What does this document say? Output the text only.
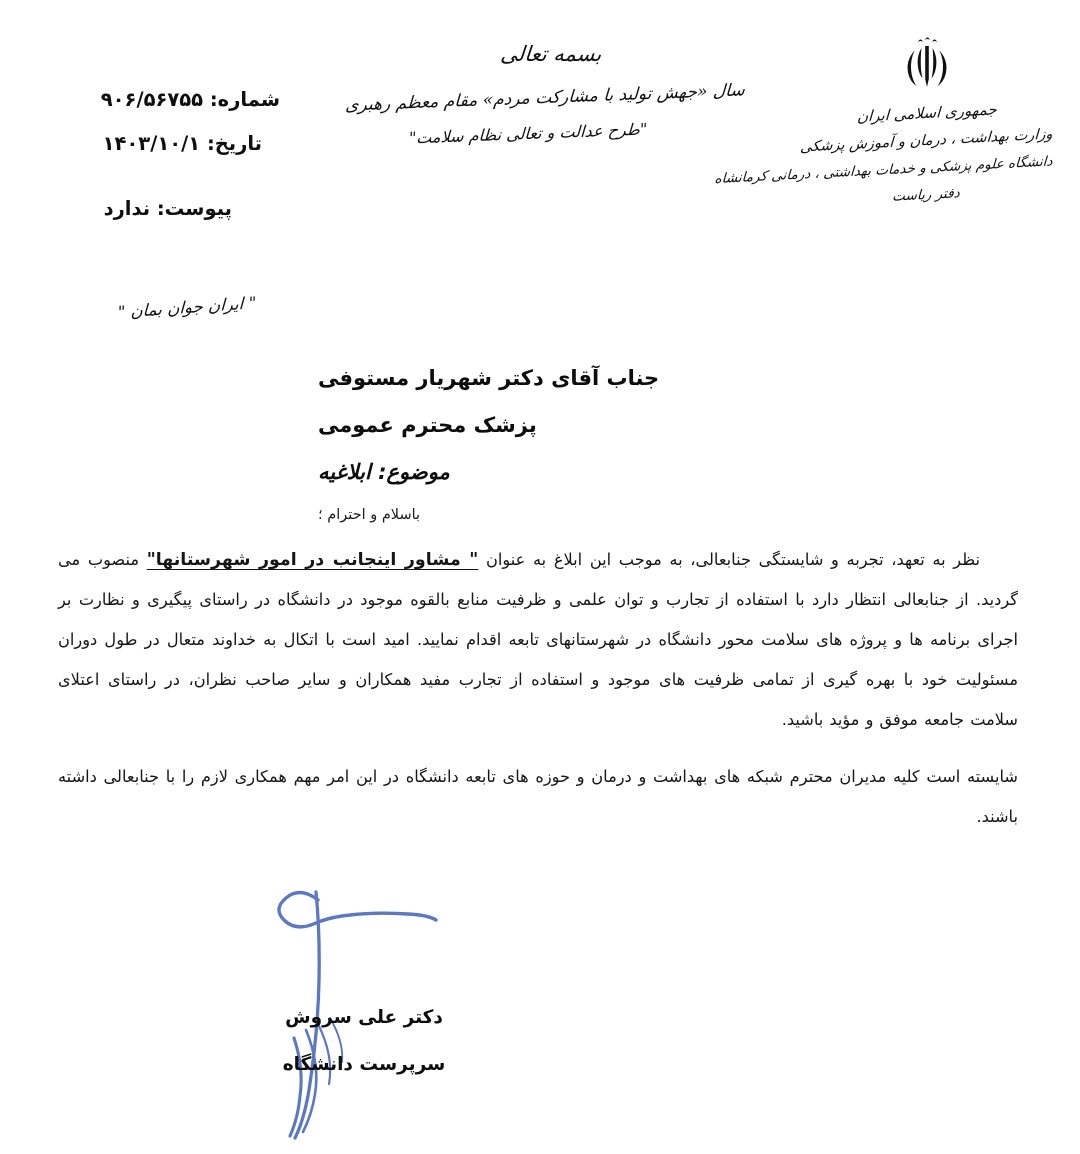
شماره: ۹۰۶/۵۶۷۵۵
تاریخ: ۱۴۰۳/۱۰/۱
پیوست: ندارد
بسمه تعالی
سال «جهش تولید با مشارکت مردم» مقام معظم رهبری
"طرح عدالت و تعالی نظام سلامت"
جمهوری اسلامی ایران
وزارت بهداشت ، درمان و آموزش پزشکی
دانشگاه علوم پزشکی و خدمات بهداشتی ، درمانی کرمانشاه
دفتر ریاست
" ایران جوان بمان "
جناب آقای دکتر شهریار مستوفی
پزشک محترم عمومی
موضوع: ابلاغیه
باسلام و احترام ؛

نظر به تعهد، تجربه و شایستگی جنابعالی، به موجب این ابلاغ به عنوان " مشاور اینجانب در امور شهرستانها" منصوب می گردید. از جنابعالی انتظار دارد با استفاده از تجارب و توان علمی و ظرفیت منابع بالقوه موجود در دانشگاه در راستای پیگیری و نظارت بر اجرای برنامه ها و پروژه های سلامت محور دانشگاه در شهرستانهای تابعه اقدام نمایید. امید است با اتکال به خداوند متعال در طول دوران مسئولیت خود با بهره گیری از تمامی ظرفیت های موجود و استفاده از تجارب مفید همکاران و سایر صاحب نظران، در راستای اعتلای سلامت جامعه موفق و مؤید باشید.

شایسته است کلیه مدیران محترم شبکه های بهداشت و درمان و حوزه های تابعه دانشگاه در این امر مهم همکاری لازم را با جنابعالی داشته باشند.

دکتر علی سروش
سرپرست دانشگاه
